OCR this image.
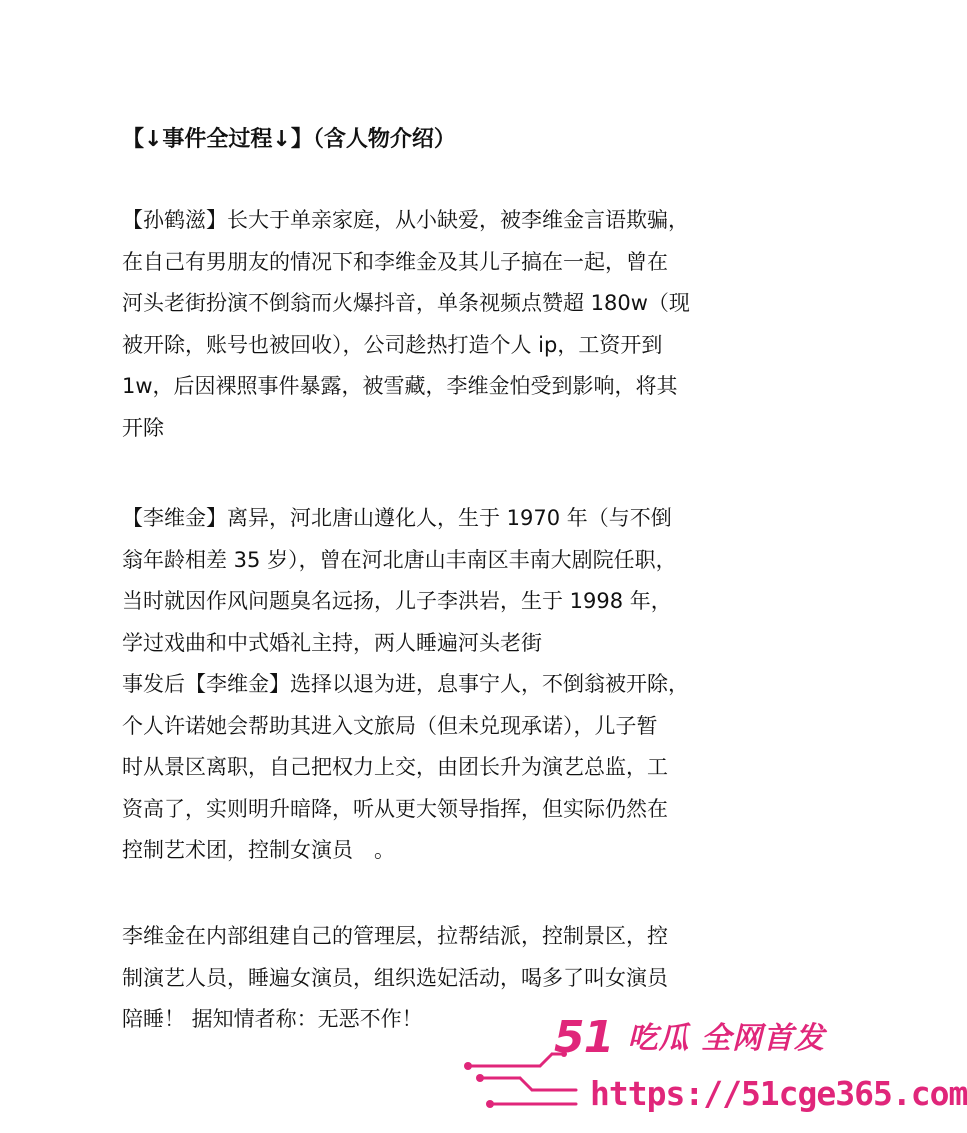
【↓事件全过程↓】（含人物介绍）
【孙鹤滋】长大于单亲家庭，从小缺爱，被李维金言语欺骗，
在自己有男朋友的情况下和李维金及其儿子搞在一起，曾在
河头老街扮演不倒翁而火爆抖音，单条视频点赞超 180w（现
被开除，账号也被回收），公司趁热打造个人 ip，工资开到
1w，后因裸照事件暴露，被雪藏，李维金怕受到影响，将其
开除
【李维金】离异，河北唐山遵化人，生于 1970 年（与不倒
翁年龄相差 35 岁），曾在河北唐山丰南区丰南大剧院任职，
当时就因作风问题臭名远扬，儿子李洪岩，生于 1998 年，
学过戏曲和中式婚礼主持，两人睡遍河头老街
事发后【李维金】选择以退为进，息事宁人，不倒翁被开除，
个人许诺她会帮助其进入文旅局（但未兑现承诺），儿子暂
时从景区离职，自己把权力上交，由团长升为演艺总监，工
资高了，实则明升暗降，听从更大领导指挥，但实际仍然在
控制艺术团，控制女演员　。
李维金在内部组建自己的管理层，拉帮结派，控制景区，控
制演艺人员，睡遍女演员，组织选妃活动，喝多了叫女演员
陪睡！ 据知情者称：无恶不作！	51 吃瓜 全网首发
https://51cge365.com
